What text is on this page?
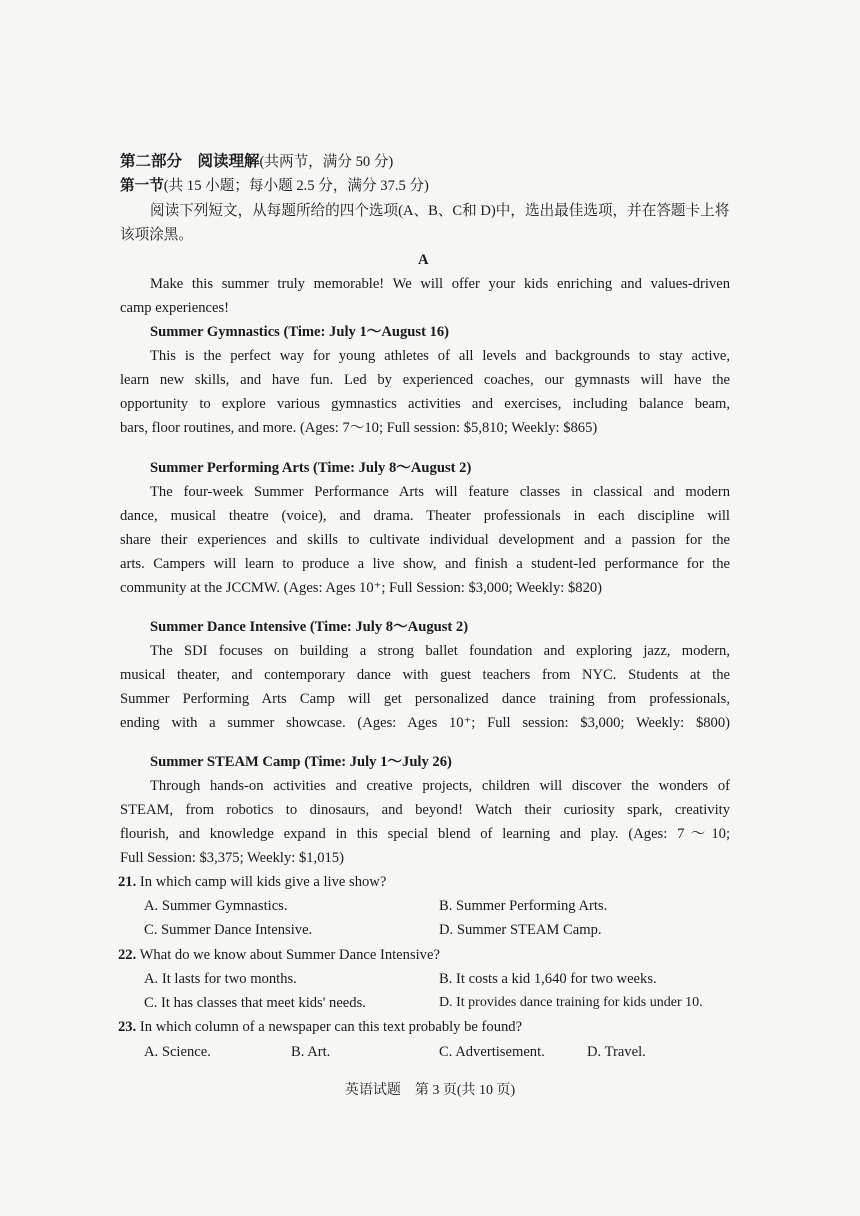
第二部分　阅读理解(共两节，满分 50 分)
第一节(共 15 小题；每小题 2.5 分，满分 37.5 分)
阅读下列短文，从每题所给的四个选项(A、B、C和 D)中，选出最佳选项，并在答题卡上将
该项涂黑。
A
Make this summer truly memorable! We will offer your kids enriching and values-driven
camp experiences!
Summer Gymnastics (Time: July 1～August 16)
This is the perfect way for young athletes of all levels and backgrounds to stay active,
learn new skills, and have fun. Led by experienced coaches, our gymnasts will have the
opportunity to explore various gymnastics activities and exercises, including balance beam,
bars, floor routines, and more. (Ages: 7～10; Full session: $5,810; Weekly: $865)
Summer Performing Arts (Time: July 8～August 2)
The four-week Summer Performance Arts will feature classes in classical and modern
dance, musical theatre (voice), and drama. Theater professionals in each discipline will
share their experiences and skills to cultivate individual development and a passion for the
arts. Campers will learn to produce a live show, and finish a student-led performance for the
community at the JCCMW. (Ages: Ages 10⁺; Full Session: $3,000; Weekly: $820)
Summer Dance Intensive (Time: July 8～August 2)
The SDI focuses on building a strong ballet foundation and exploring jazz, modern,
musical theater, and contemporary dance with guest teachers from NYC. Students at the
Summer Performing Arts Camp will get personalized dance training from professionals,
ending with a summer showcase. (Ages: Ages 10⁺; Full session: $3,000; Weekly: $800)
Summer STEAM Camp (Time: July 1～July 26)
Through hands-on activities and creative projects, children will discover the wonders of
STEAM, from robotics to dinosaurs, and beyond! Watch their curiosity spark, creativity
flourish, and knowledge expand in this special blend of learning and play. (Ages: 7～10;
Full Session: $3,375; Weekly: $1,015)
21. In which camp will kids give a live show?
A. Summer Gymnastics.	B. Summer Performing Arts.
C. Summer Dance Intensive.	D. Summer STEAM Camp.
22. What do we know about Summer Dance Intensive?
A. It lasts for two months.	B. It costs a kid 1,640 for two weeks.
C. It has classes that meet kids' needs.	D. It provides dance training for kids under 10.
23. In which column of a newspaper can this text probably be found?
A. Science.	B. Art.	C. Advertisement.	D. Travel.
英语试题　第 3 页(共 10 页)
